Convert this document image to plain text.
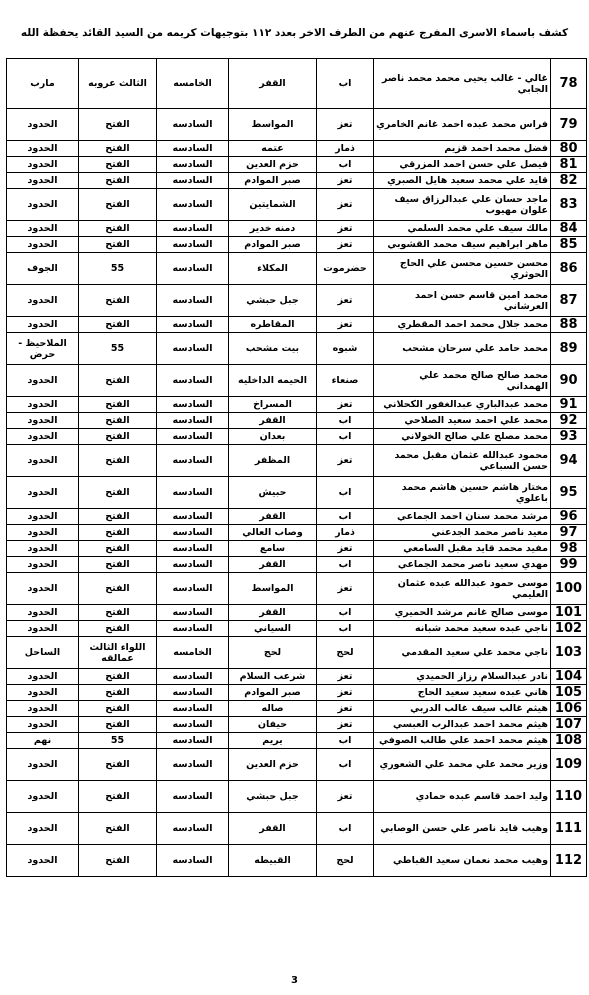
كشف باسماء الاسرى المفرج عنهم من الطرف الاخر بعدد ١١٢ بتوجيهات كريمه من السيد القائد يحفظة الله
78	غالي - غالب يحيى محمد محمد ناصر الجابي	اب	القفر	الخامسه	الثالث عروبه	مارب
79	فراس محمد عبده احمد غانم الخامري	تعز	المواسط	السادسه	الفتح	الحدود
80	فضل محمد احمد قزيم	ذمار	عتمه	السادسه	الفتح	الحدود
81	فيصل علي حسن احمد المزرقي	اب	حزم العدين	السادسه	الفتح	الحدود
82	قايد علي محمد سعيد هايل الصبري	تعز	صبر الموادم	السادسه	الفتح	الحدود
83	ماجد حسان علي عبدالرزاق سيف علوان مهيوب	تعز	الشمايتين	السادسه	الفتح	الحدود
84	مالك سيف علي محمد السلمي	تعز	دمنه خدير	السادسه	الفتح	الحدود
85	ماهر ابراهيم سيف محمد القشوبي	تعز	صبر الموادم	السادسه	الفتح	الحدود
86	محسن حسين محسن علي الحاج الحوثري	حضرموت	المكلاء	السادسه	55	الجوف
87	محمد امين قاسم حسن احمد العرشاني	تعز	جبل حبشي	السادسه	الفتح	الحدود
88	محمد جلال محمد احمد المقطري	تعز	المقاطره	السادسه	الفتح	الحدود
89	محمد حامد علي سرحان مشحب	شبوه	بيت مشحب	السادسه	55	الملاحيظ - حرض
90	محمد صالح صالح محمد علي الهمداني	صنعاء	الحيمه الداخليه	السادسه	الفتح	الحدود
91	محمد عبدالباري عبدالغفور الكحلاني	تعز	المسراخ	السادسه	الفتح	الحدود
92	محمد علي احمد سعيد الصلاحي	اب	القفر	السادسه	الفتح	الحدود
93	محمد مصلح علي صالح الخولاني	اب	بعدان	السادسه	الفتح	الحدود
94	محمود عبدالله عثمان مقبل محمد حسن السباعي	تعز	المظفر	السادسه	الفتح	الحدود
95	مختار هاشم حسين هاشم محمد باعلوي	اب	حبيش	السادسه	الفتح	الحدود
96	مرشد محمد سنان احمد الجماعي	اب	القفر	السادسه	الفتح	الحدود
97	معيد ناصر محمد الجدعني	ذمار	وصاب العالي	السادسه	الفتح	الحدود
98	مفيد محمد قايد مقبل السامعي	تعز	سامع	السادسه	الفتح	الحدود
99	مهدي سعيد ناصر محمد الجماعي	اب	القفر	السادسه	الفتح	الحدود
100	موسى حمود عبدالله عبده عثمان العليمي	تعز	المواسط	السادسه	الفتح	الحدود
101	موسى صالح غانم مرشد الحميري	اب	القفر	السادسه	الفتح	الحدود
102	ناجي عبده سعيد محمد شبانه	اب	السياني	السادسه	الفتح	الحدود
103	ناجي محمد علي سعيد المقدمي	لحج	لحج	الخامسه	اللواء الثالث عمالقه	الساحل
104	نادر عبدالسلام رزاز الحميدي	تعز	شرعب السلام	السادسه	الفتح	الحدود
105	هاني عبده سعيد سعيد الحاج	تعز	صبر الموادم	السادسه	الفتح	الحدود
106	هيثم غالب سيف غالب الدربي	تعز	صاله	السادسه	الفتح	الحدود
107	هيثم محمد احمد عبدالرب العبسي	تعز	حيفان	السادسه	الفتح	الحدود
108	هيثم محمد احمد علي طالب الصوفي	اب	يريم	السادسه	55	نهم
109	وزير محمد علي محمد علي الشعوري	اب	حزم العدين	السادسه	الفتح	الحدود
110	وليد احمد قاسم عبده حمادي	تعز	جبل حبشي	السادسه	الفتح	الحدود
111	وهيب قايد ناصر علي حسن الوصابي	اب	القفر	السادسه	الفتح	الحدود
112	وهيب محمد نعمان سعيد القباطي	لحج	القبيطه	السادسه	الفتح	الحدود
3
